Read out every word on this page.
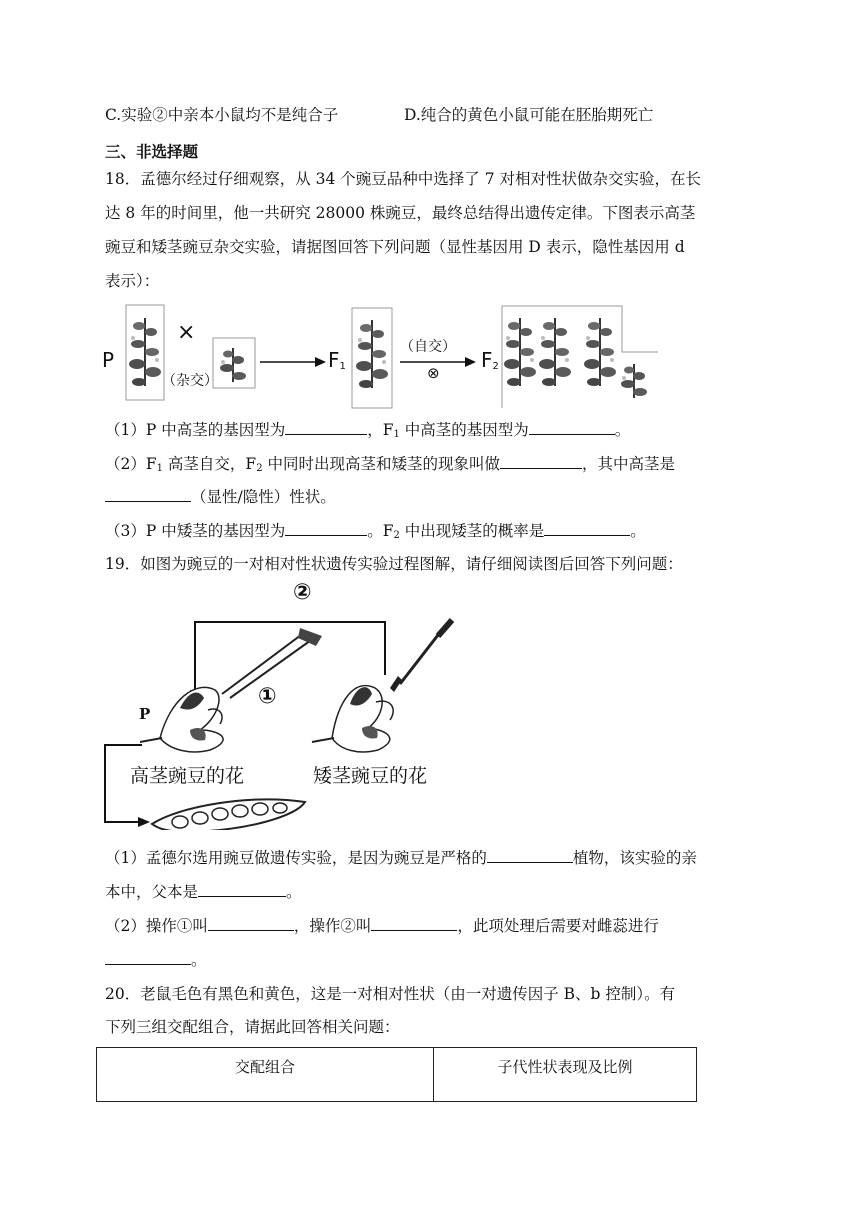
C.实验②中亲本小鼠均不是纯合子	D.纯合的黄色小鼠可能在胚胎期死亡
三、非选择题
18．孟德尔经过仔细观察，从 34 个豌豆品种中选择了 7 对相对性状做杂交实验，在长
达 8 年的时间里，他一共研究 28000 株豌豆，最终总结得出遗传定律。下图表示高茎
豌豆和矮茎豌豆杂交实验，请据图回答下列问题（显性基因用 D 表示，隐性基因用 d
表示）：
P
×
（杂交）
$F_1$
（自交）
⊗
$F_2$
（1）P 中高茎的基因型为	，$F_1$ 中高茎的基因型为	。
$(2)F_1$ 高茎自交，$F_2$ 中同时出现高茎和矮茎的现象叫做	，其中高茎是
（显性/隐性）性状。
（3）P 中矮茎的基因型为	。$F_2$ 中出现矮茎的概率是	。
19．如图为豌豆的一对相对性状遗传实验过程图解，请仔细阅读图后回答下列问题：
②
①
P
高茎豌豆的花	矮茎豌豆的花
（1）孟德尔选用豌豆做遗传实验，是因为豌豆是严格的	植物，该实验的亲
本中，父本是	。
（2）操作①叫	，操作②叫	，此项处理后需要对雌蕊进行
。
20．老鼠毛色有黑色和黄色，这是一对相对性状（由一对遗传因子 B、b 控制）。有
下列三组交配组合，请据此回答相关问题：
交配组合	子代性状表现及比例
